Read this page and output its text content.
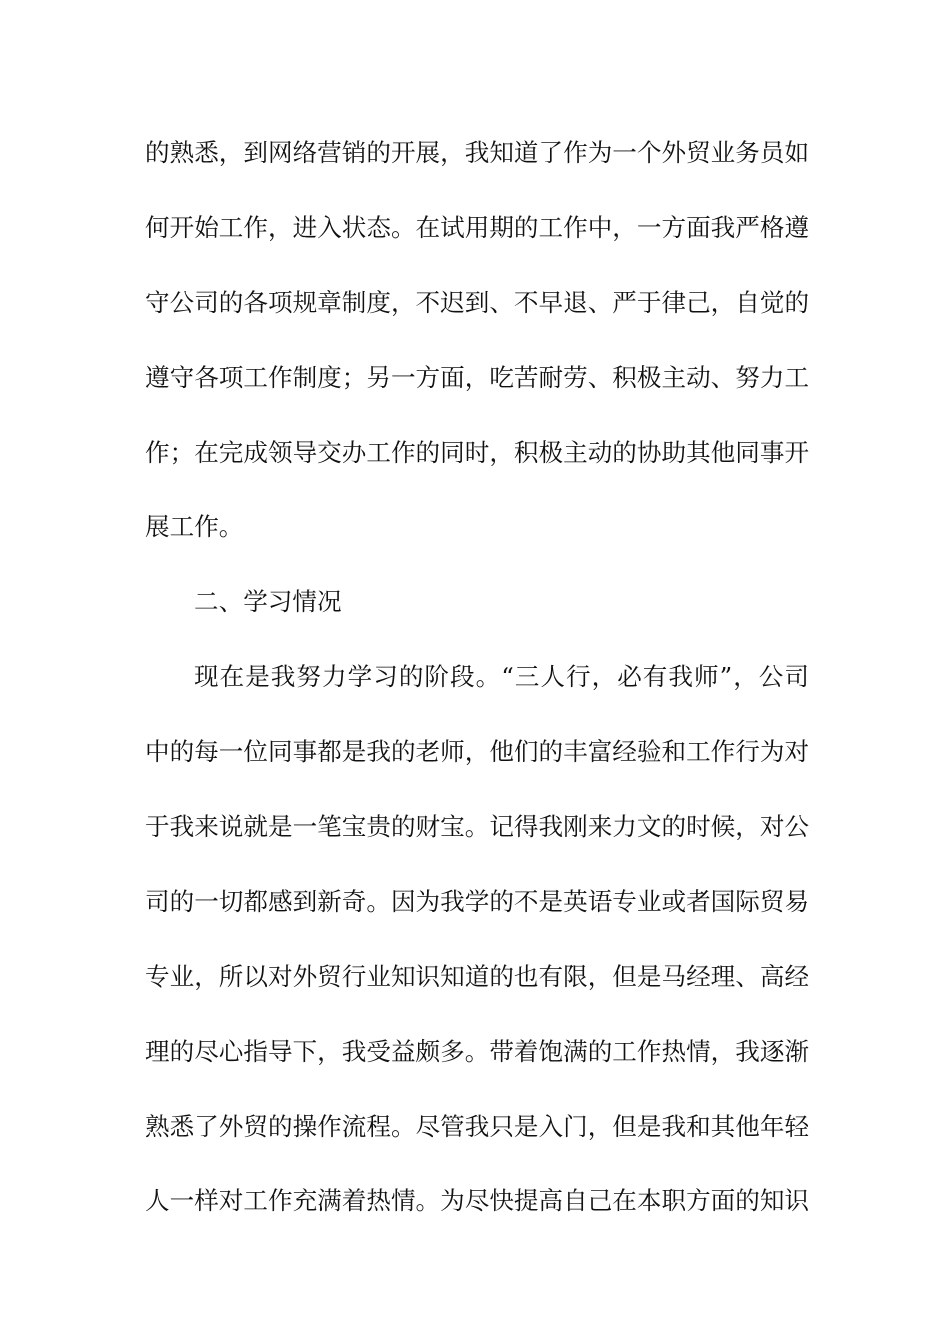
的熟悉，到网络营销的开展，我知道了作为一个外贸业务员如
何开始工作，进入状态。在试用期的工作中，一方面我严格遵
守公司的各项规章制度，不迟到、不早退、严于律己，自觉的
遵守各项工作制度；另一方面，吃苦耐劳、积极主动、努力工
作；在完成领导交办工作的同时，积极主动的协助其他同事开
展工作。
二、学习情况
现在是我努力学习的阶段。“三人行，必有我师”，公司
中的每一位同事都是我的老师，他们的丰富经验和工作行为对
于我来说就是一笔宝贵的财宝。记得我刚来力文的时候，对公
司的一切都感到新奇。因为我学的不是英语专业或者国际贸易
专业，所以对外贸行业知识知道的也有限，但是马经理、高经
理的尽心指导下，我受益颇多。带着饱满的工作热情，我逐渐
熟悉了外贸的操作流程。尽管我只是入门，但是我和其他年轻
人一样对工作充满着热情。为尽快提高自己在本职方面的知识
